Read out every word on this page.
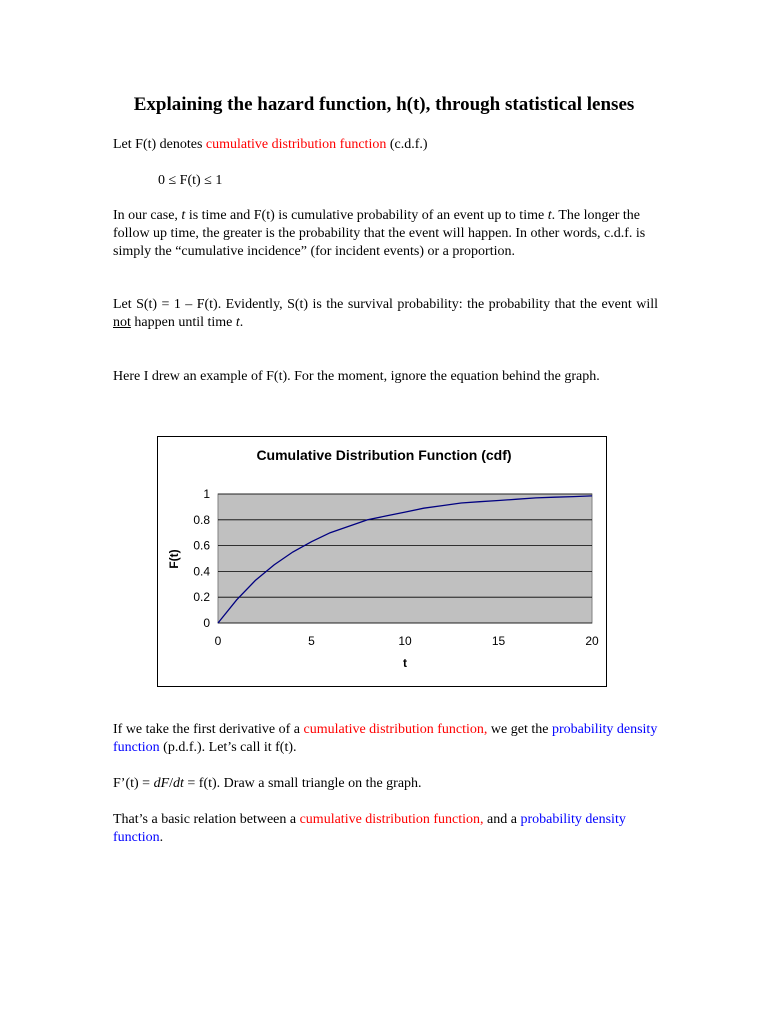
Explaining the hazard function, h(t), through statistical lenses

Let F(t) denotes cumulative distribution function (c.d.f.)

0 ≤ F(t) ≤ 1

In our case, t is time and F(t) is cumulative probability of an event up to time t. The longer the follow up time, the greater is the probability that the event will happen. In other words, c.d.f. is simply the “cumulative incidence” (for incident events) or a proportion.

Let S(t) = 1 – F(t). Evidently, S(t) is the survival probability: the probability that the event will not happen until time t.

Here I drew an example of F(t). For the moment, ignore the equation behind the graph.

Cumulative Distribution Function (cdf)
0
0.2
0.4
0.6
0.8
1
0	5	10	15	20
F(t)
t

If we take the first derivative of a cumulative distribution function, we get the probability density function (p.d.f.). Let’s call it f(t).

F’(t) = dF/dt = f(t). Draw a small triangle on the graph.

That’s a basic relation between a cumulative distribution function, and a probability density function.
